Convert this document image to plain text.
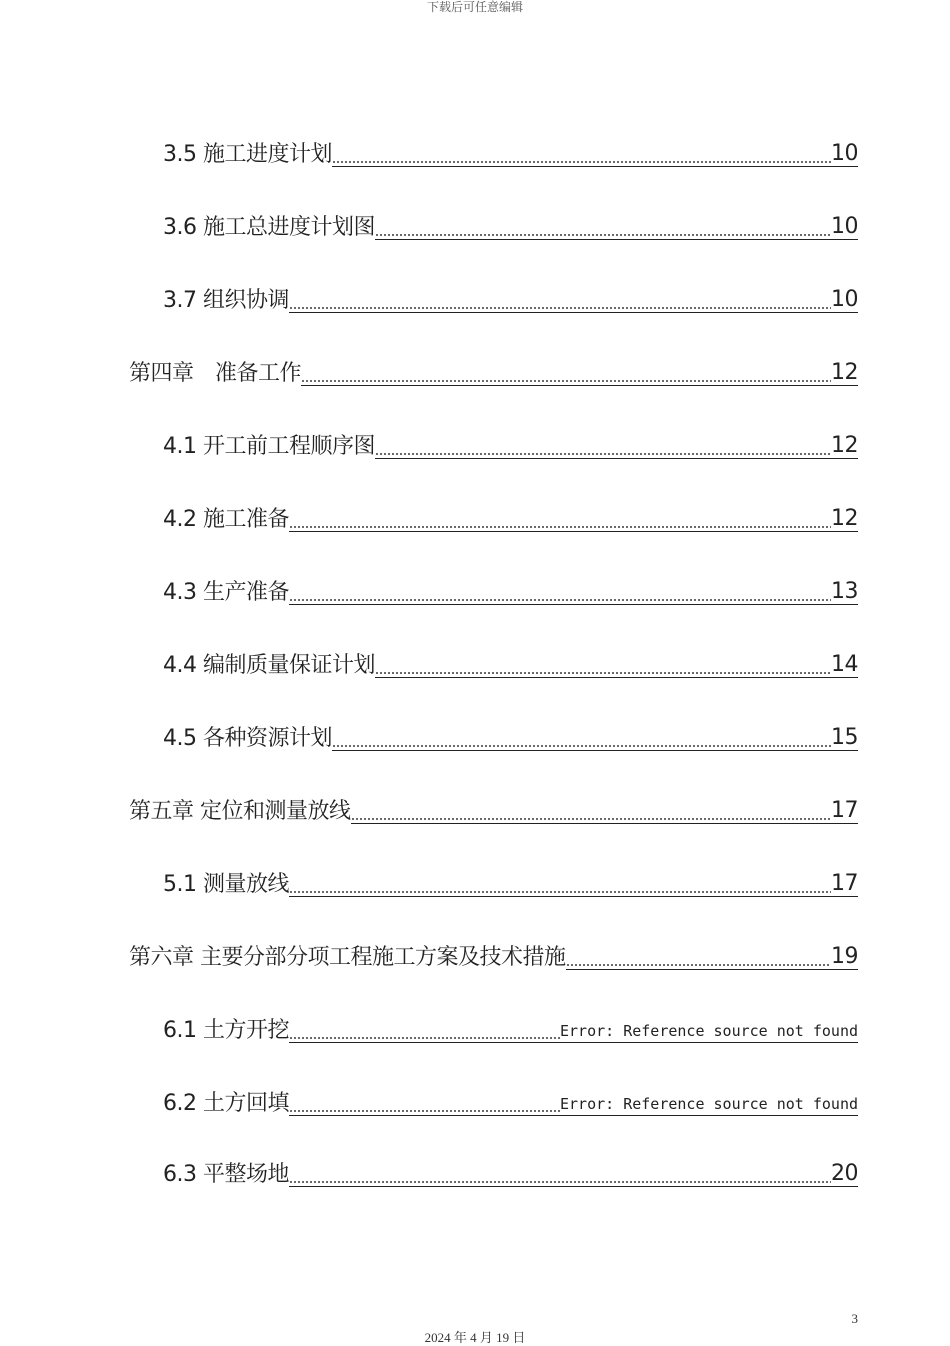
下载后可任意编辑
3.5 施工进度计划	10
3.6 施工总进度计划图	10
3.7 组织协调	10
第四章　准备工作	12
4.1 开工前工程顺序图	12
4.2 施工准备	12
4.3 生产准备	13
4.4 编制质量保证计划	14
4.5 各种资源计划	15
第五章 定位和测量放线	17
5.1 测量放线	17
第六章 主要分部分项工程施工方案及技术措施	19
6.1 土方开挖	Error: Reference source not found
6.2 土方回填	Error: Reference source not found
6.3 平整场地	20
3
2024 年 4 月 19 日
